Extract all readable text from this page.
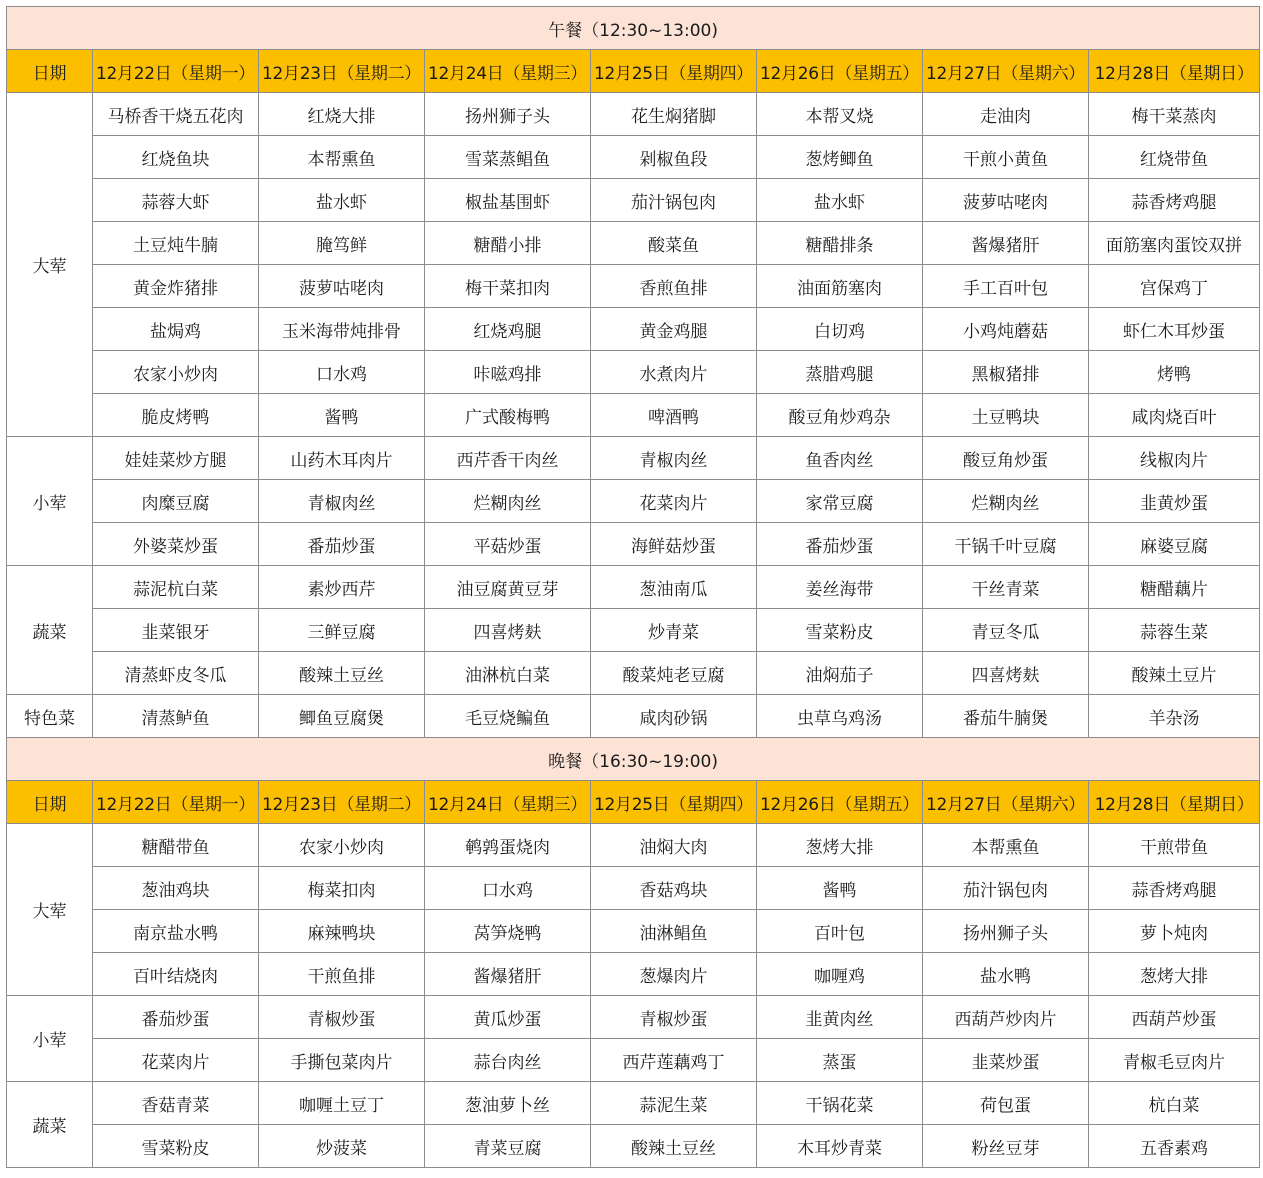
午餐（12:30~13:00)							
日期	12月22日（星期一）	12月23日（星期二）	12月24日（星期三）	12月25日（星期四）	12月26日（星期五）	12月27日（星期六）	12月28日（星期日）
大荤	马桥香干烧五花肉	红烧大排	扬州狮子头	花生焖猪脚	本帮叉烧	走油肉	梅干菜蒸肉
	红烧鱼块	本帮熏鱼	雪菜蒸鲳鱼	剁椒鱼段	葱烤鲫鱼	干煎小黄鱼	红烧带鱼
	蒜蓉大虾	盐水虾	椒盐基围虾	茄汁锅包肉	盐水虾	菠萝咕咾肉	蒜香烤鸡腿
	土豆炖牛腩	腌笃鲜	糖醋小排	酸菜鱼	糖醋排条	酱爆猪肝	面筋塞肉蛋饺双拼
	黄金炸猪排	菠萝咕咾肉	梅干菜扣肉	香煎鱼排	油面筋塞肉	手工百叶包	宫保鸡丁
	盐焗鸡	玉米海带炖排骨	红烧鸡腿	黄金鸡腿	白切鸡	小鸡炖蘑菇	虾仁木耳炒蛋
	农家小炒肉	口水鸡	咔嗞鸡排	水煮肉片	蒸腊鸡腿	黑椒猪排	烤鸭
	脆皮烤鸭	酱鸭	广式酸梅鸭	啤酒鸭	酸豆角炒鸡杂	土豆鸭块	咸肉烧百叶
小荤	娃娃菜炒方腿	山药木耳肉片	西芹香干肉丝	青椒肉丝	鱼香肉丝	酸豆角炒蛋	线椒肉片
	肉糜豆腐	青椒肉丝	烂糊肉丝	花菜肉片	家常豆腐	烂糊肉丝	韭黄炒蛋
	外婆菜炒蛋	番茄炒蛋	平菇炒蛋	海鲜菇炒蛋	番茄炒蛋	干锅千叶豆腐	麻婆豆腐
蔬菜	蒜泥杭白菜	素炒西芹	油豆腐黄豆芽	葱油南瓜	姜丝海带	干丝青菜	糖醋藕片
	韭菜银牙	三鲜豆腐	四喜烤麸	炒青菜	雪菜粉皮	青豆冬瓜	蒜蓉生菜
	清蒸虾皮冬瓜	酸辣土豆丝	油淋杭白菜	酸菜炖老豆腐	油焖茄子	四喜烤麸	酸辣土豆片
特色菜	清蒸鲈鱼	鲫鱼豆腐煲	毛豆烧鳊鱼	咸肉砂锅	虫草乌鸡汤	番茄牛腩煲	羊杂汤
晚餐（16:30~19:00)							
日期	12月22日（星期一）	12月23日（星期二）	12月24日（星期三）	12月25日（星期四）	12月26日（星期五）	12月27日（星期六）	12月28日（星期日）
大荤	糖醋带鱼	农家小炒肉	鹌鹑蛋烧肉	油焖大肉	葱烤大排	本帮熏鱼	干煎带鱼
	葱油鸡块	梅菜扣肉	口水鸡	香菇鸡块	酱鸭	茄汁锅包肉	蒜香烤鸡腿
	南京盐水鸭	麻辣鸭块	莴笋烧鸭	油淋鲳鱼	百叶包	扬州狮子头	萝卜炖肉
	百叶结烧肉	干煎鱼排	酱爆猪肝	葱爆肉片	咖喱鸡	盐水鸭	葱烤大排
小荤	番茄炒蛋	青椒炒蛋	黄瓜炒蛋	青椒炒蛋	韭黄肉丝	西葫芦炒肉片	西葫芦炒蛋
	花菜肉片	手撕包菜肉片	蒜台肉丝	西芹莲藕鸡丁	蒸蛋	韭菜炒蛋	青椒毛豆肉片
蔬菜	香菇青菜	咖喱土豆丁	葱油萝卜丝	蒜泥生菜	干锅花菜	荷包蛋	杭白菜
	雪菜粉皮	炒菠菜	青菜豆腐	酸辣土豆丝	木耳炒青菜	粉丝豆芽	五香素鸡
